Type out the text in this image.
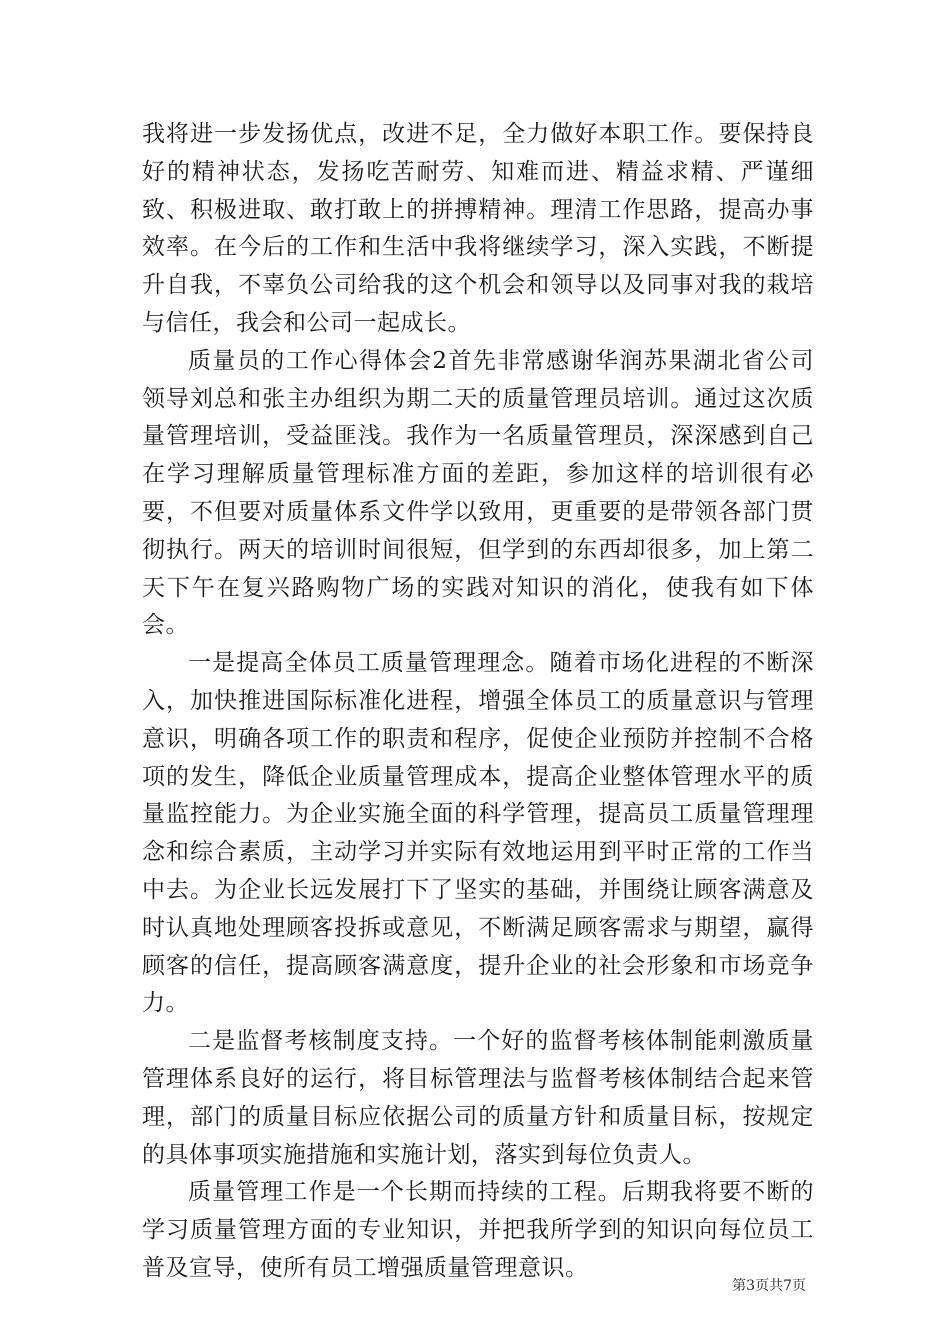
我将进一步发扬优点，改进不足，全力做好本职工作。要保持良好的精神状态，发扬吃苦耐劳、知难而进、精益求精、严谨细致、积极进取、敢打敢上的拼搏精神。理清工作思路，提高办事效率。在今后的工作和生活中我将继续学习，深入实践，不断提升自我，不辜负公司给我的这个机会和领导以及同事对我的栽培与信任，我会和公司一起成长。

质量员的工作心得体会2首先非常感谢华润苏果湖北省公司领导刘总和张主办组织为期二天的质量管理员培训。通过这次质量管理培训，受益匪浅。我作为一名质量管理员，深深感到自己在学习理解质量管理标准方面的差距，参加这样的培训很有必要，不但要对质量体系文件学以致用，更重要的是带领各部门贯彻执行。两天的培训时间很短，但学到的东西却很多，加上第二天下午在复兴路购物广场的实践对知识的消化，使我有如下体会。

一是提高全体员工质量管理理念。随着市场化进程的不断深入，加快推进国际标准化进程，增强全体员工的质量意识与管理意识，明确各项工作的职责和程序，促使企业预防并控制不合格项的发生，降低企业质量管理成本，提高企业整体管理水平的质量监控能力。为企业实施全面的科学管理，提高员工质量管理理念和综合素质，主动学习并实际有效地运用到平时正常的工作当中去。为企业长远发展打下了坚实的基础，并围绕让顾客满意及时认真地处理顾客投拆或意见，不断满足顾客需求与期望，赢得顾客的信任，提高顾客满意度，提升企业的社会形象和市场竞争力。

二是监督考核制度支持。一个好的监督考核体制能刺激质量管理体系良好的运行，将目标管理法与监督考核体制结合起来管理，部门的质量目标应依据公司的质量方针和质量目标，按规定的具体事项实施措施和实施计划，落实到每位负责人。

质量管理工作是一个长期而持续的工程。后期我将要不断的学习质量管理方面的专业知识，并把我所学到的知识向每位员工普及宣导，使所有员工增强质量管理意识。

第3页共7页
